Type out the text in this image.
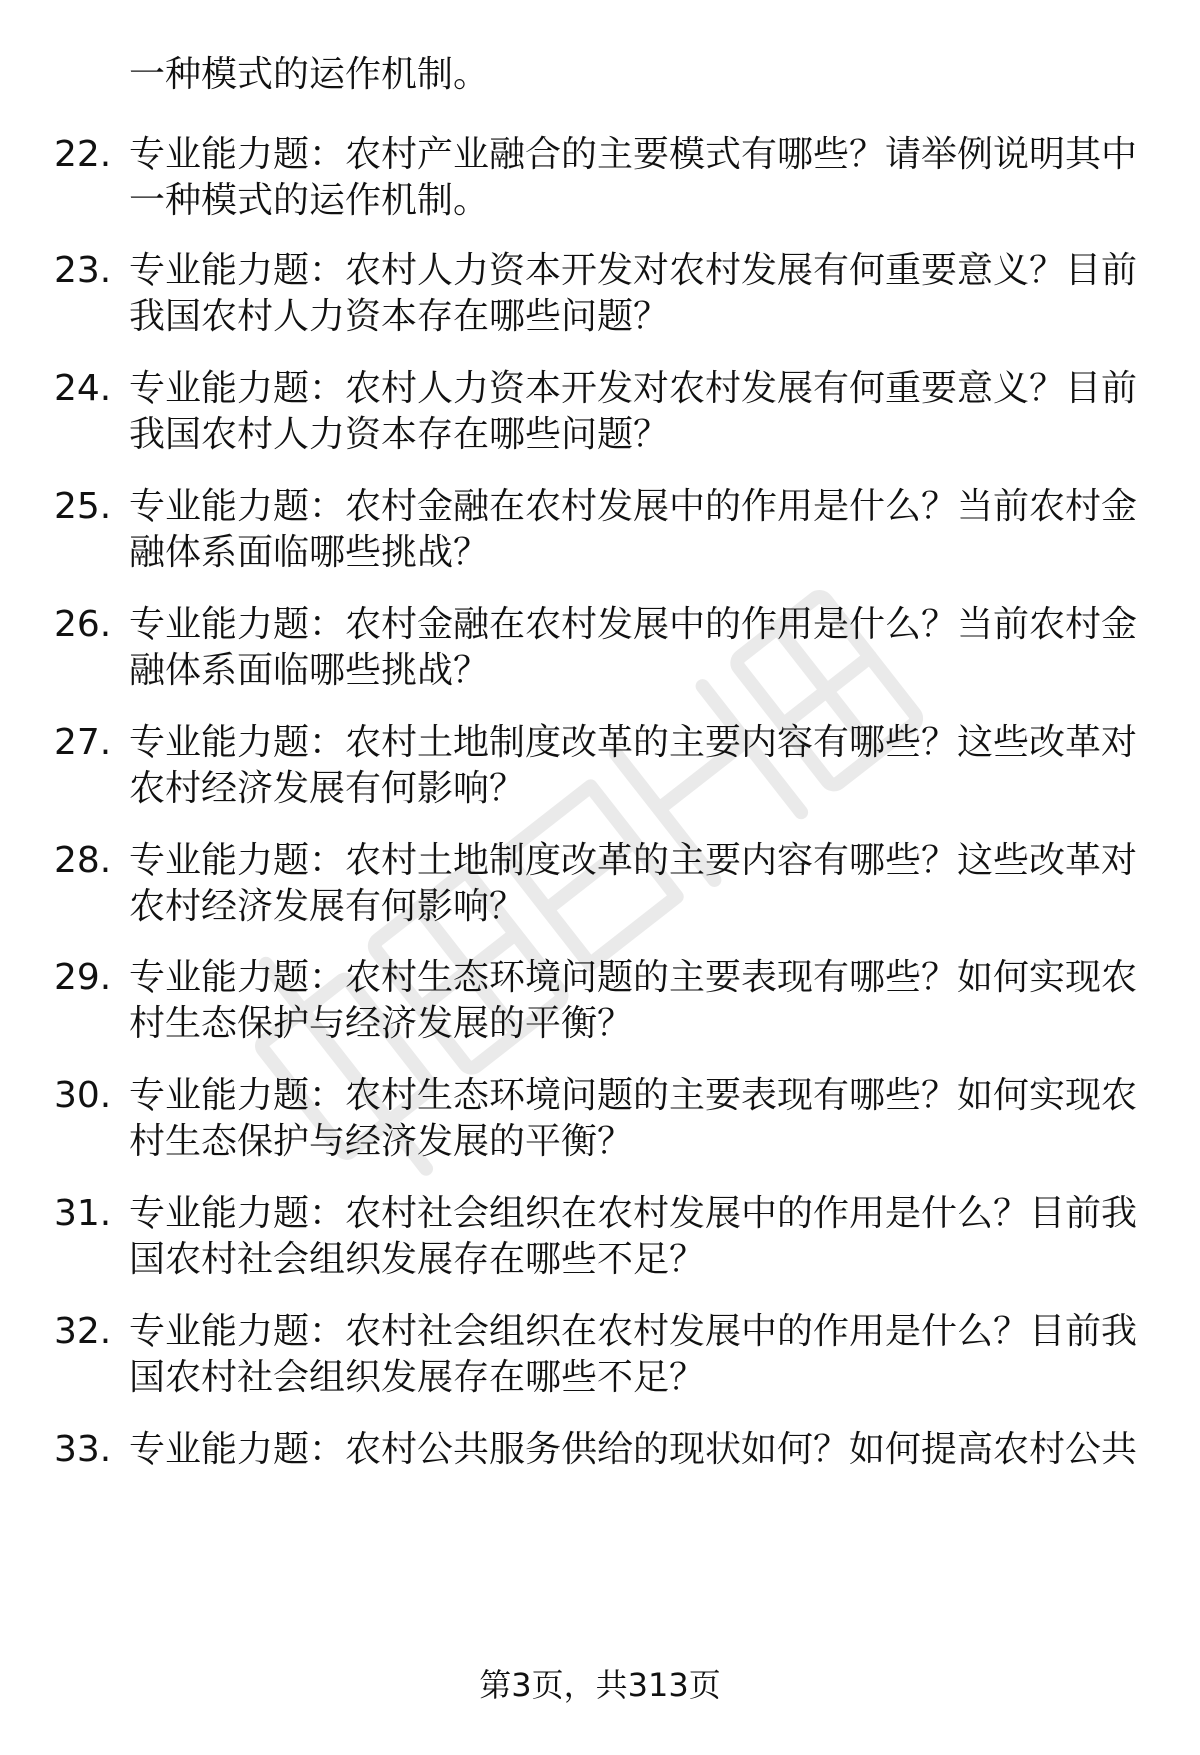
一种模式的运作机制。
22. 专业能力题：农村产业融合的主要模式有哪些？请举例说明其中
一种模式的运作机制。
23. 专业能力题：农村人力资本开发对农村发展有何重要意义？目前
我国农村人力资本存在哪些问题？
24. 专业能力题：农村人力资本开发对农村发展有何重要意义？目前
我国农村人力资本存在哪些问题？
25. 专业能力题：农村金融在农村发展中的作用是什么？当前农村金
融体系面临哪些挑战？
26. 专业能力题：农村金融在农村发展中的作用是什么？当前农村金
融体系面临哪些挑战？
27. 专业能力题：农村土地制度改革的主要内容有哪些？这些改革对
农村经济发展有何影响？
28. 专业能力题：农村土地制度改革的主要内容有哪些？这些改革对
农村经济发展有何影响？
29. 专业能力题：农村生态环境问题的主要表现有哪些？如何实现农
村生态保护与经济发展的平衡？
30. 专业能力题：农村生态环境问题的主要表现有哪些？如何实现农
村生态保护与经济发展的平衡？
31. 专业能力题：农村社会组织在农村发展中的作用是什么？目前我
国农村社会组织发展存在哪些不足？
32. 专业能力题：农村社会组织在农村发展中的作用是什么？目前我
国农村社会组织发展存在哪些不足？
33. 专业能力题：农村公共服务供给的现状如何？如何提高农村公共
第3页，共313页
